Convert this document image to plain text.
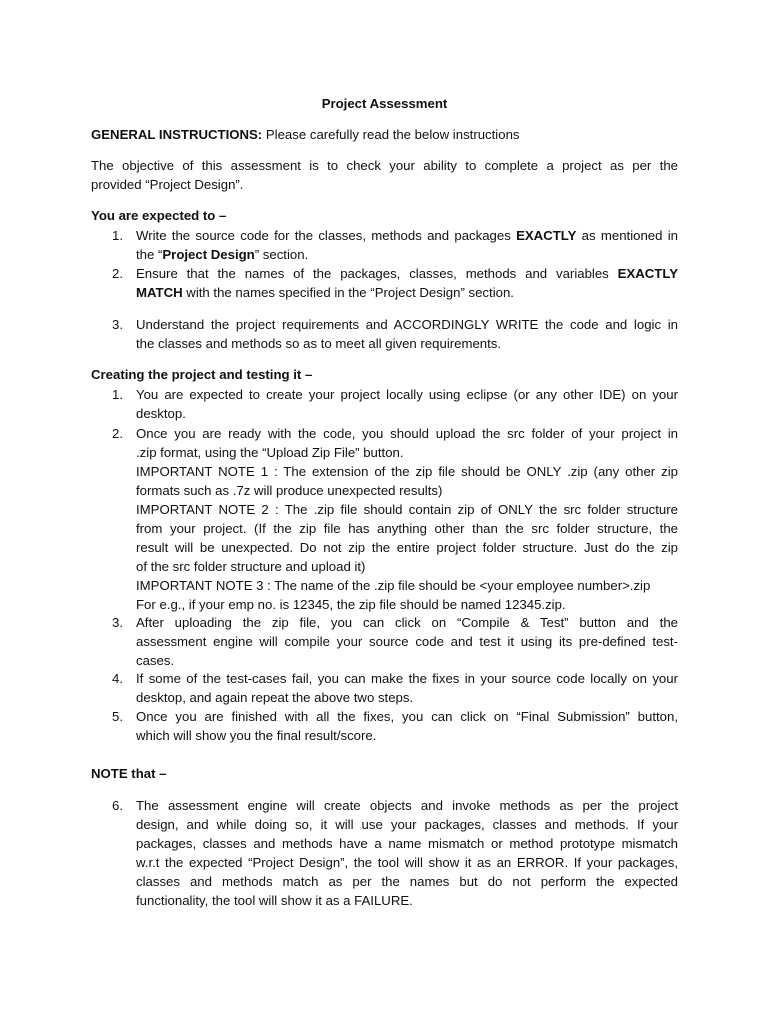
Project Assessment

GENERAL INSTRUCTIONS: Please carefully read the below instructions

The objective of this assessment is to check your ability to complete a project as per the
provided “Project Design”.

You are expected to –

1. Write the source code for the classes, methods and packages EXACTLY as mentioned in
the “Project Design” section.
2. Ensure that the names of the packages, classes, methods and variables EXACTLY
MATCH with the names specified in the “Project Design” section.
3. Understand the project requirements and ACCORDINGLY WRITE the code and logic in
the classes and methods so as to meet all given requirements.

Creating the project and testing it –

1. You are expected to create your project locally using eclipse (or any other IDE) on your
desktop.
2. Once you are ready with the code, you should upload the src folder of your project in
.zip format, using the “Upload Zip File” button.
IMPORTANT NOTE 1 : The extension of the zip file should be ONLY .zip (any other zip
formats such as .7z will produce unexpected results)
IMPORTANT NOTE 2 : The .zip file should contain zip of ONLY the src folder structure
from your project. (If the zip file has anything other than the src folder structure, the
result will be unexpected. Do not zip the entire project folder structure. Just do the zip
of the src folder structure and upload it)
IMPORTANT NOTE 3 : The name of the .zip file should be <your employee number>.zip
For e.g., if your emp no. is 12345, the zip file should be named 12345.zip.
3. After uploading the zip file, you can click on “Compile & Test” button and the
assessment engine will compile your source code and test it using its pre-defined test-
cases.
4. If some of the test-cases fail, you can make the fixes in your source code locally on your
desktop, and again repeat the above two steps.
5. Once you are finished with all the fixes, you can click on “Final Submission” button,
which will show you the final result/score.

NOTE that –

6. The assessment engine will create objects and invoke methods as per the project
design, and while doing so, it will use your packages, classes and methods. If your
packages, classes and methods have a name mismatch or method prototype mismatch
w.r.t the expected “Project Design”, the tool will show it as an ERROR. If your packages,
classes and methods match as per the names but do not perform the expected
functionality, the tool will show it as a FAILURE.
